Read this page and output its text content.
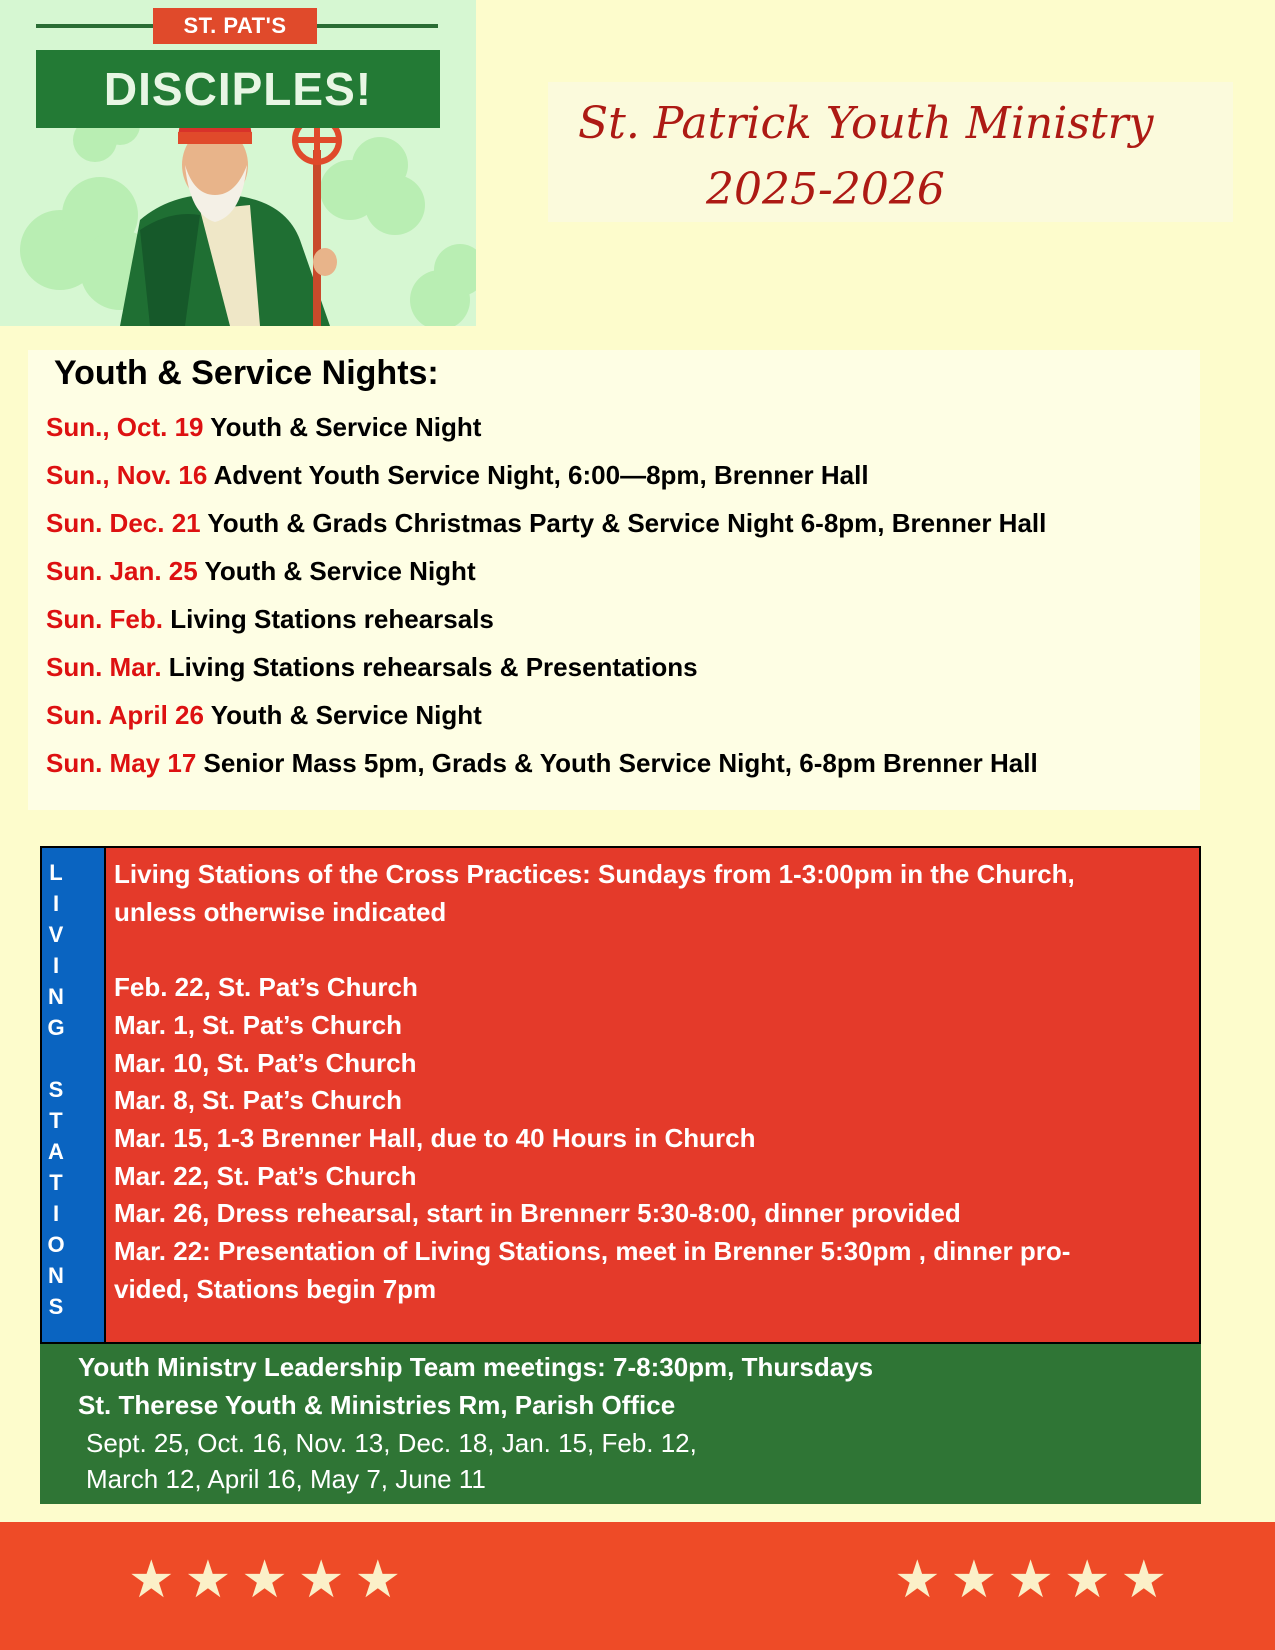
ST. PAT'S
DISCIPLES!
St. Patrick Youth Ministry
2025-2026
Youth & Service Nights:
Sun., Oct. 19 Youth & Service Night
Sun., Nov. 16 Advent Youth Service Night, 6:00—8pm, Brenner Hall
Sun. Dec. 21 Youth & Grads Christmas Party & Service Night 6-8pm, Brenner Hall
Sun. Jan. 25 Youth & Service Night
Sun. Feb. Living Stations rehearsals
Sun. Mar. Living Stations rehearsals & Presentations
Sun. April 26 Youth & Service Night
Sun. May 17 Senior Mass 5pm, Grads & Youth Service Night, 6-8pm Brenner Hall
L
I
V
I
N
G
S
T
A
T
I
O
N
S
Living Stations of the Cross Practices: Sundays from 1-3:00pm in the Church,
unless otherwise indicated
Feb. 22, St. Pat’s Church
Mar. 1, St. Pat’s Church
Mar. 10, St. Pat’s Church
Mar. 8, St. Pat’s Church
Mar. 15, 1-3 Brenner Hall, due to 40 Hours in Church
Mar. 22, St. Pat’s Church
Mar. 26, Dress rehearsal, start in Brennerr 5:30-8:00, dinner provided
Mar. 22: Presentation of Living Stations, meet in Brenner 5:30pm , dinner pro-
vided, Stations begin 7pm
Youth Ministry Leadership Team meetings: 7-8:30pm, Thursdays
St. Therese Youth & Ministries Rm, Parish Office
Sept. 25, Oct. 16, Nov. 13, Dec. 18, Jan. 15, Feb. 12,
March 12, April 16, May 7, June 11
★★★★★	★★★★★
